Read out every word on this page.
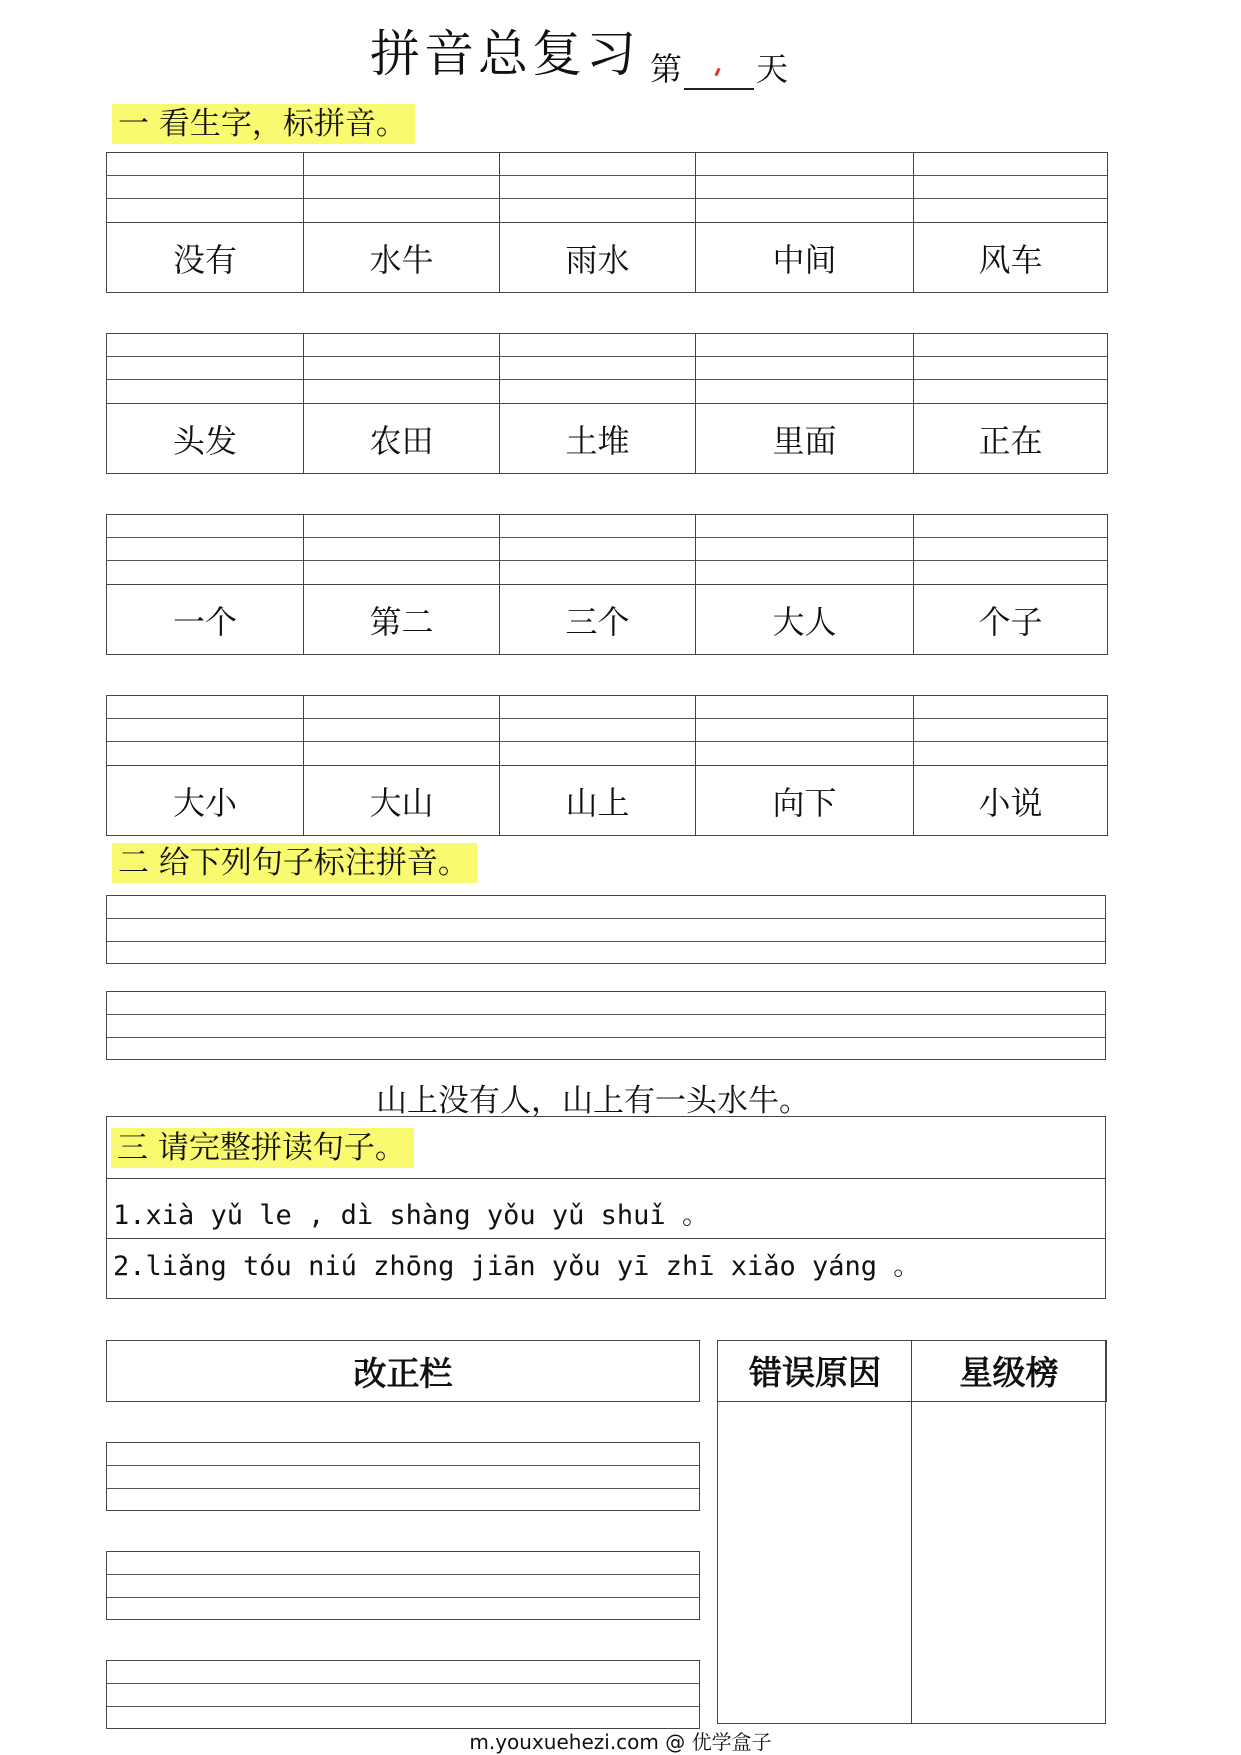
拼音总复习 第 天
一 看生字，标拼音。
没有	水牛	雨水	中间	风车
头发	农田	土堆	里面	正在
一个	第二	三个	大人	个子
大小	大山	山上	向下	小说
二 给下列句子标注拼音。
山上没有人，山上有一头水牛。
三 请完整拼读句子。
1.xià yǔ le , dì shàng yǒu yǔ shuǐ 。
2.liǎng tóu niú zhōng jiān yǒu yī zhī xiǎo yáng 。
改正栏	错误原因	星级榜
m.youxuehezi.com @ 优学盒子
